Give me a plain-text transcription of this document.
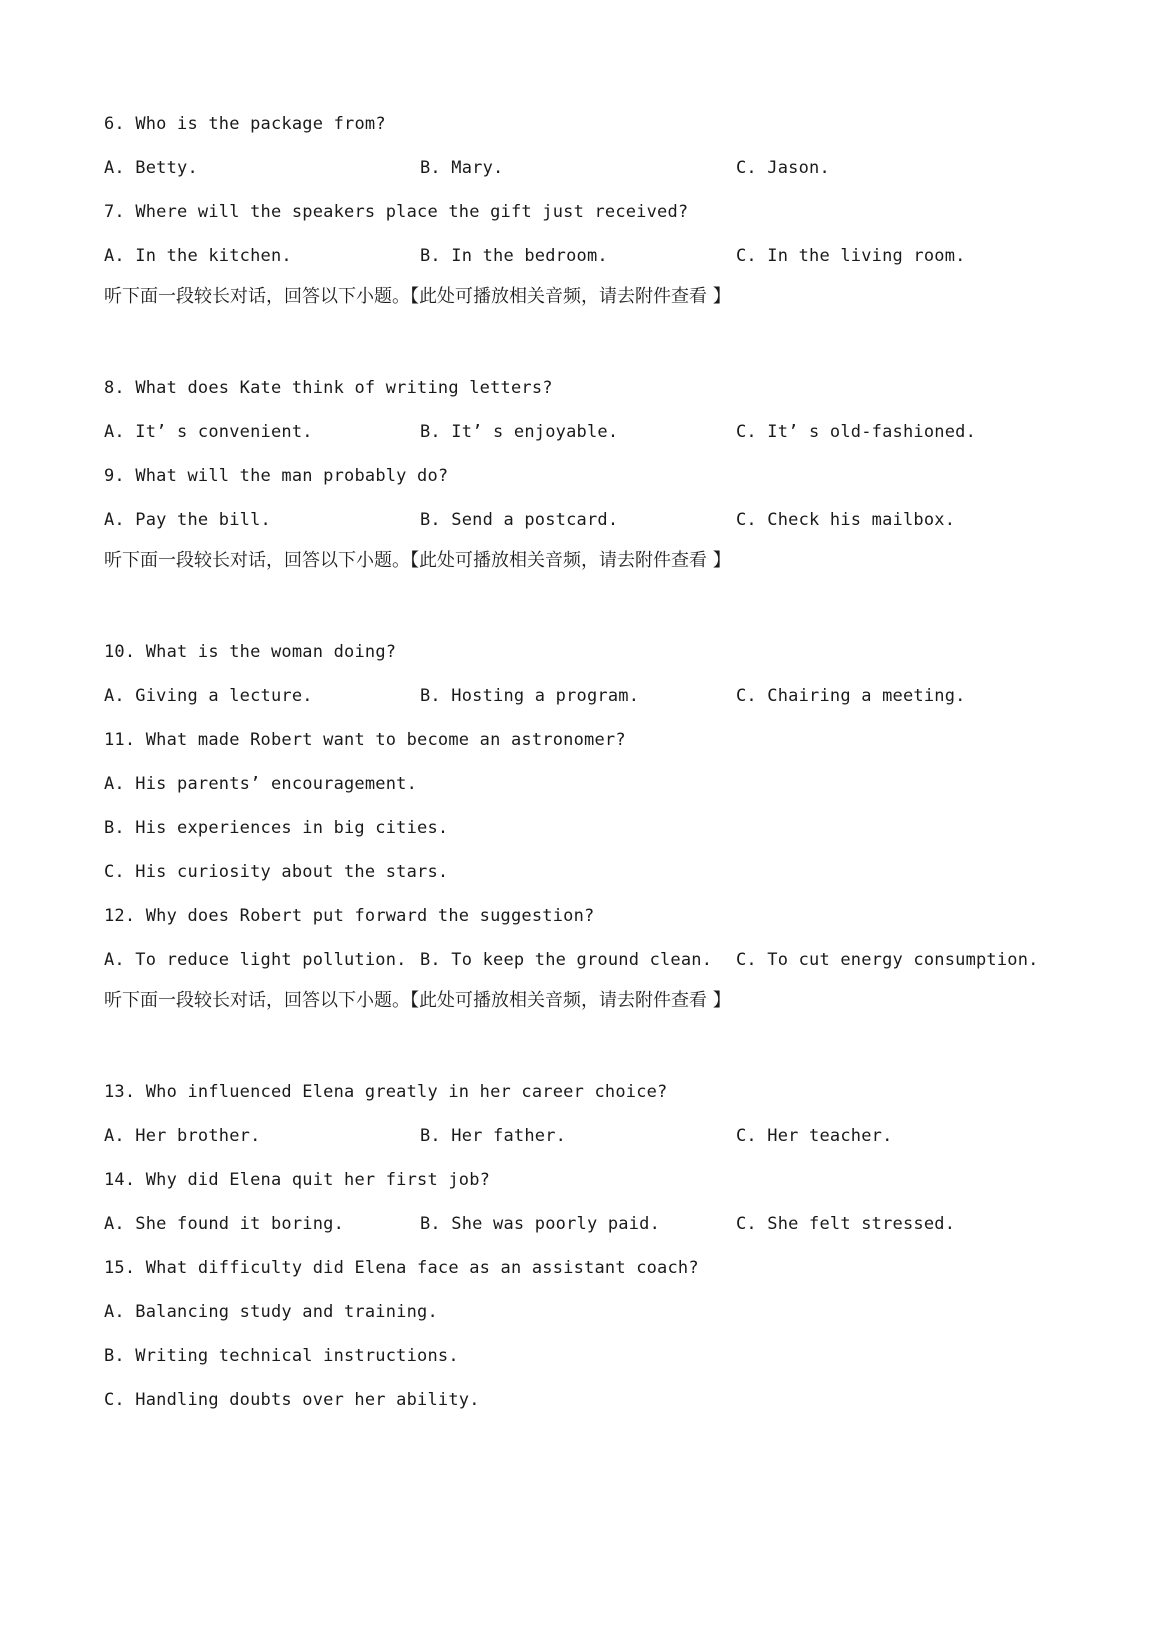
6. Who is the package from?
A. Betty.	B. Mary.	C. Jason.
7. Where will the speakers place the gift just received?
A. In the kitchen.	B. In the bedroom.	C. In the living room.
听下面一段较长对话，回答以下小题。【此处可播放相关音频，请去附件查看 】
8. What does Kate think of writing letters?
A. It’ s convenient.	B. It’ s enjoyable.	C. It’ s old-fashioned.
9. What will the man probably do?
A. Pay the bill.	B. Send a postcard.	C. Check his mailbox.
听下面一段较长对话，回答以下小题。【此处可播放相关音频，请去附件查看 】
10. What is the woman doing?
A. Giving a lecture.	B. Hosting a program.	C. Chairing a meeting.
11. What made Robert want to become an astronomer?
A. His parents’ encouragement.
B. His experiences in big cities.
C. His curiosity about the stars.
12. Why does Robert put forward the suggestion?
A. To reduce light pollution. B. To keep the ground clean. C. To cut energy consumption.
听下面一段较长对话，回答以下小题。【此处可播放相关音频，请去附件查看 】
13. Who influenced Elena greatly in her career choice?
A. Her brother.	B. Her father.	C. Her teacher.
14. Why did Elena quit her first job?
A. She found it boring.	B. She was poorly paid.	C. She felt stressed.
15. What difficulty did Elena face as an assistant coach?
A. Balancing study and training.
B. Writing technical instructions.
C. Handling doubts over her ability.
